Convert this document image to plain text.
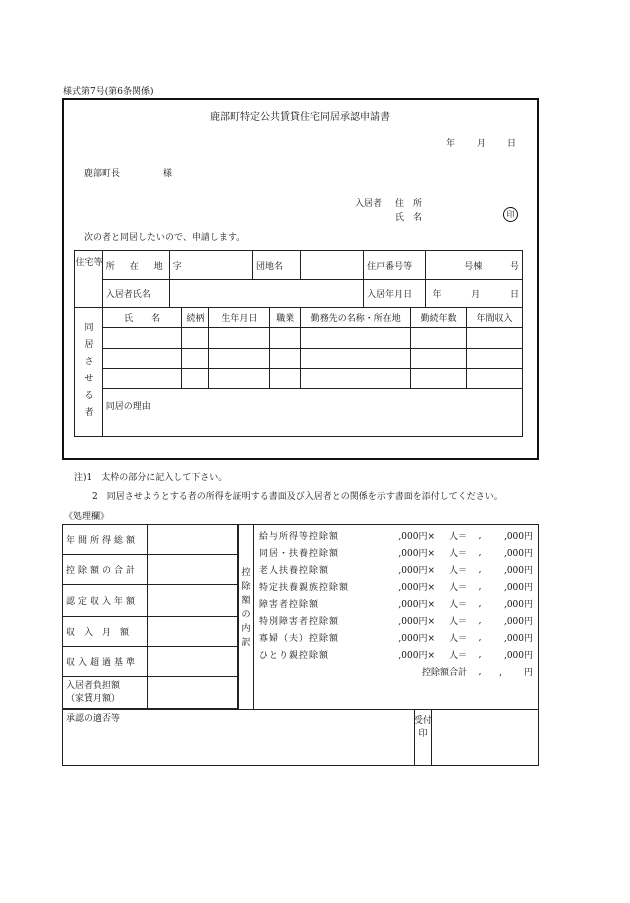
様式第7号(第6条関係)
鹿部町特定公共賃貸住宅同居承認申請書
年 月 日
鹿部町長	様
入居者 住　所
氏　名	印
次の者と同居したいので、申請します。
住宅等	所　在　地	字	団地名		住戸番号等	号棟 号
	入居者氏名				入居年月日	年 月 日
同居させる者	氏　　名	続柄	生年月日	職業	勤務先の名称・所在地	勤続年数	年間収入

	同居の理由						
注)1　太枠の部分に記入して下さい。
2　同居させようとする者の所得を証明する書面及び入居者との関係を示す書面を添付してください。
《処理欄》
年間所得総額	
控除額の合計	
認定収入年額	
収　入　月　額	
収入超過基準	

入居者負担額
（家賃月額）	

控除額の内訳
給与所得等控除額	,000円×	人＝	,	,000円
同居・扶養控除額	,000円×	人＝	,	,000円
老人扶養控除額	,000円×	人＝	,	,000円
特定扶養親族控除額	,000円×	人＝	,	,000円
障害者控除額	,000円×	人＝	,	,000円
特別障害者控除額	,000円×	人＝	,	,000円
寡婦（夫）控除額	,000円×	人＝	,	,000円
ひとり親控除額	,000円×	人＝	,	,000円
	控除額合計		,	, 円
承認の適否等	受付印
